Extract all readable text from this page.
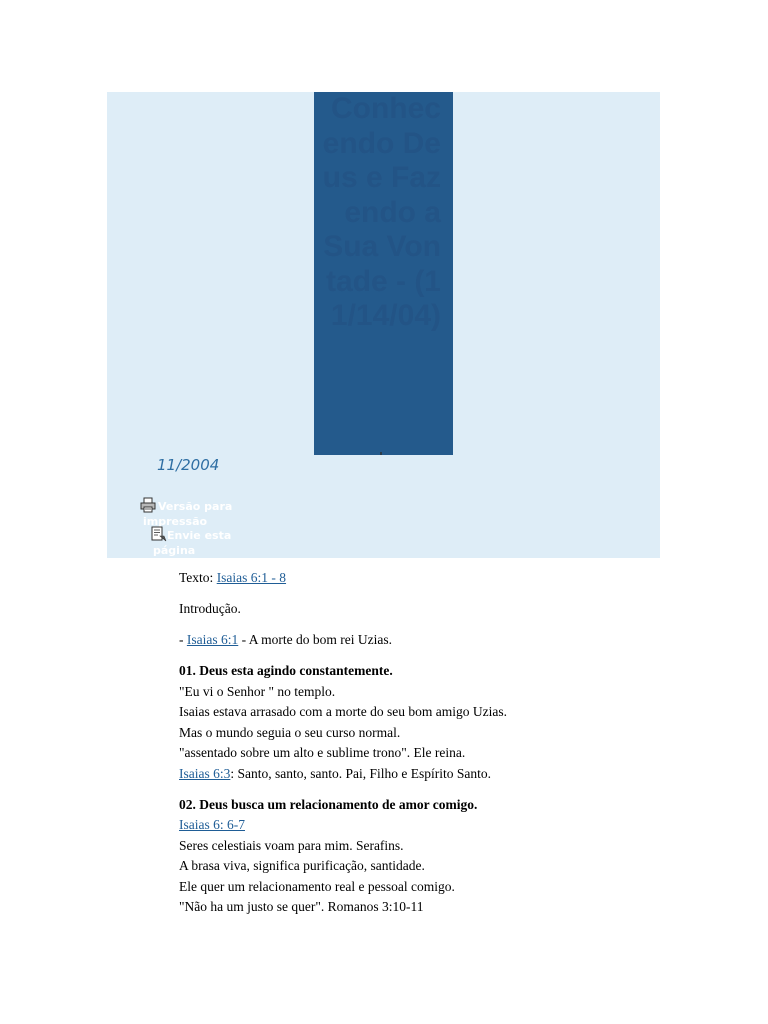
Conhecendo Deus e Fazendo a Sua Vontade - (11/14/04)

11/2004

Versão para impressão
Envie esta página

Texto: Isaias 6:1 - 8

Introdução.

- Isaias 6:1 - A morte do bom rei Uzias.

01. Deus esta agindo constantemente.

"Eu vi o Senhor " no templo.

Isaias estava arrasado com a morte do seu bom amigo Uzias.

Mas o mundo seguia o seu curso normal.

"assentado sobre um alto e sublime trono". Ele reina.

Isaias 6:3: Santo, santo, santo. Pai, Filho e Espírito Santo.

02. Deus busca um relacionamento de amor comigo.

Isaias 6: 6-7

Seres celestiais voam para mim. Serafins.

A brasa viva, significa purificação, santidade.

Ele quer um relacionamento real e pessoal comigo.

"Não ha um justo se quer". Romanos 3:10-11
